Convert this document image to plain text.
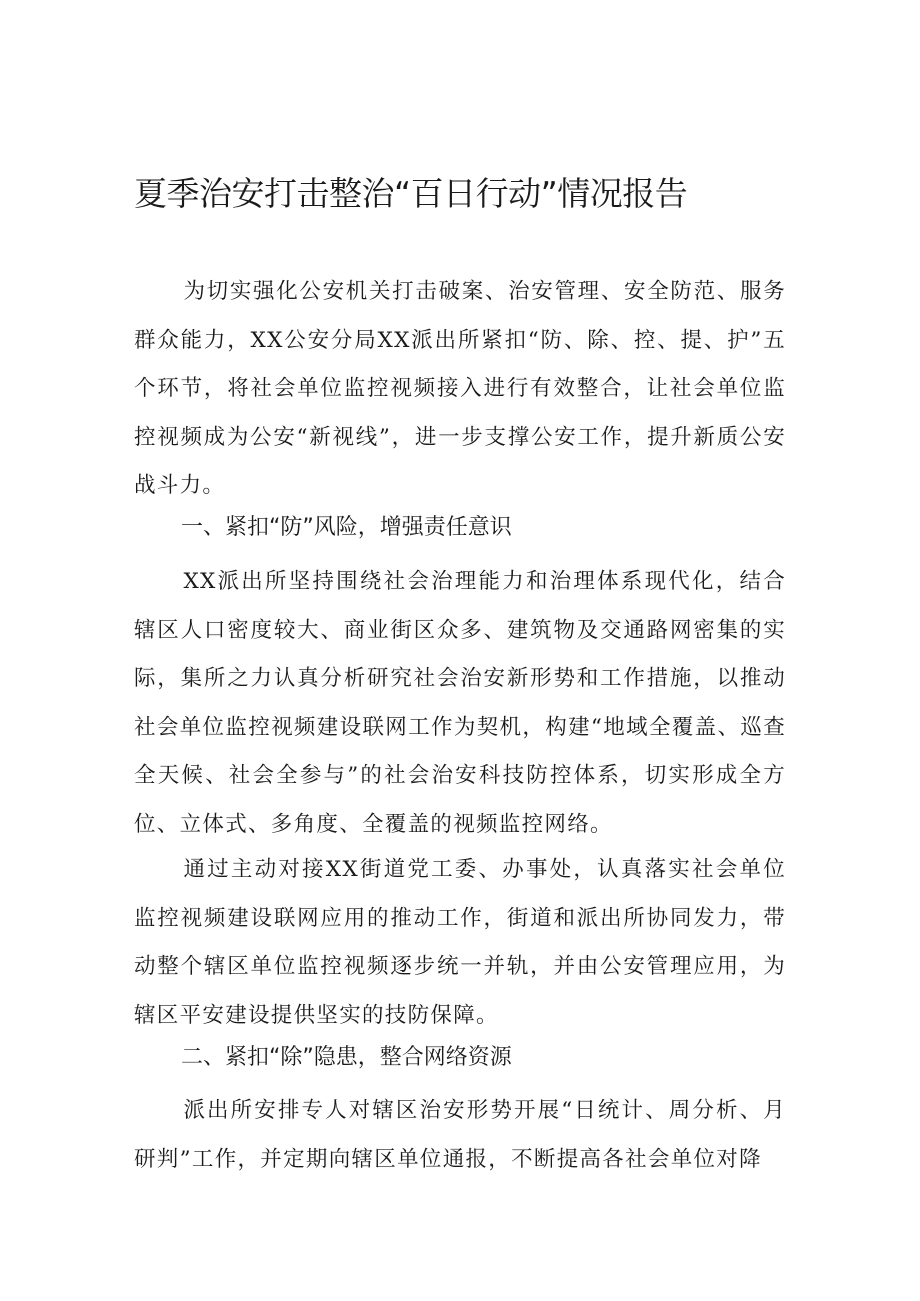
夏季治安打击整治“百日行动”情况报告

为切实强化公安机关打击破案、治安管理、安全防范、服务群众能力，XX公安分局XX派出所紧扣“防、除、控、提、护”五个环节，将社会单位监控视频接入进行有效整合，让社会单位监控视频成为公安“新视线”，进一步支撑公安工作，提升新质公安战斗力。

一、紧扣“防”风险，增强责任意识

XX派出所坚持围绕社会治理能力和治理体系现代化，结合辖区人口密度较大、商业街区众多、建筑物及交通路网密集的实际，集所之力认真分析研究社会治安新形势和工作措施，以推动社会单位监控视频建设联网工作为契机，构建“地域全覆盖、巡查全天候、社会全参与”的社会治安科技防控体系，切实形成全方位、立体式、多角度、全覆盖的视频监控网络。

通过主动对接XX街道党工委、办事处，认真落实社会单位监控视频建设联网应用的推动工作，街道和派出所协同发力，带动整个辖区单位监控视频逐步统一并轨，并由公安管理应用，为辖区平安建设提供坚实的技防保障。

二、紧扣“除”隐患，整合网络资源

派出所安排专人对辖区治安形势开展“日统计、周分析、月研判”工作，并定期向辖区单位通报，不断提高各社会单位对降
